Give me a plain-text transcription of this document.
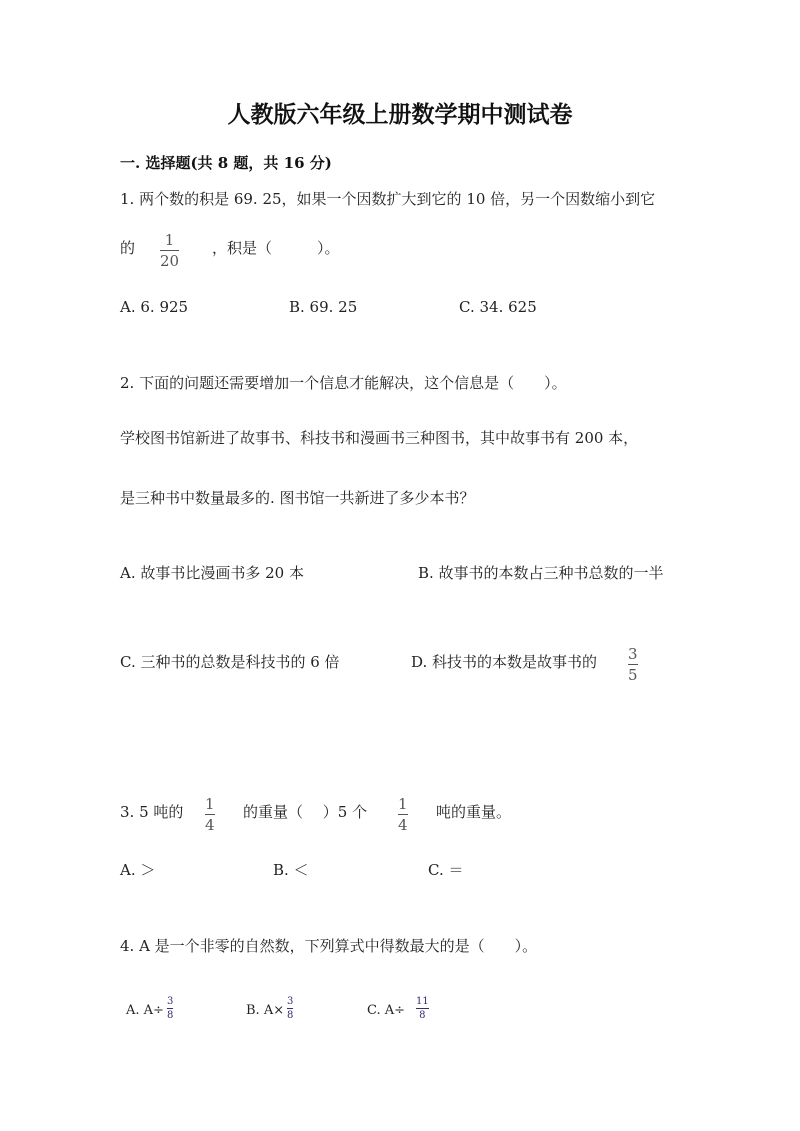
人教版六年级上册数学期中测试卷
一. 选择题(共 8 题，共 16 分)
1. 两个数的积是 69. 25，如果一个因数扩大到它的 10 倍，另一个因数缩小到它
的 1
20
，积是（　　　）。
A. 6. 925	B. 69. 25	C. 34. 625
2. 下面的问题还需要增加一个信息才能解决，这个信息是（　　）。
学校图书馆新进了故事书、科技书和漫画书三种图书，其中故事书有 200 本，
是三种书中数量最多的. 图书馆一共新进了多少本书？
A. 故事书比漫画书多 20 本	B. 故事书的本数占三种书总数的一半
C. 三种书的总数是科技书的 6 倍	D. 科技书的本数是故事书的 3
5
3. 5 吨的 1
4
的重量（　 ）5 个 1
4
吨的重量。
A. ＞	B. ＜	C. ＝
4. A 是一个非零的自然数，下列算式中得数最大的是（　　）。
A. A÷
3
8	B. A×
3
8	C. A÷
11
8
